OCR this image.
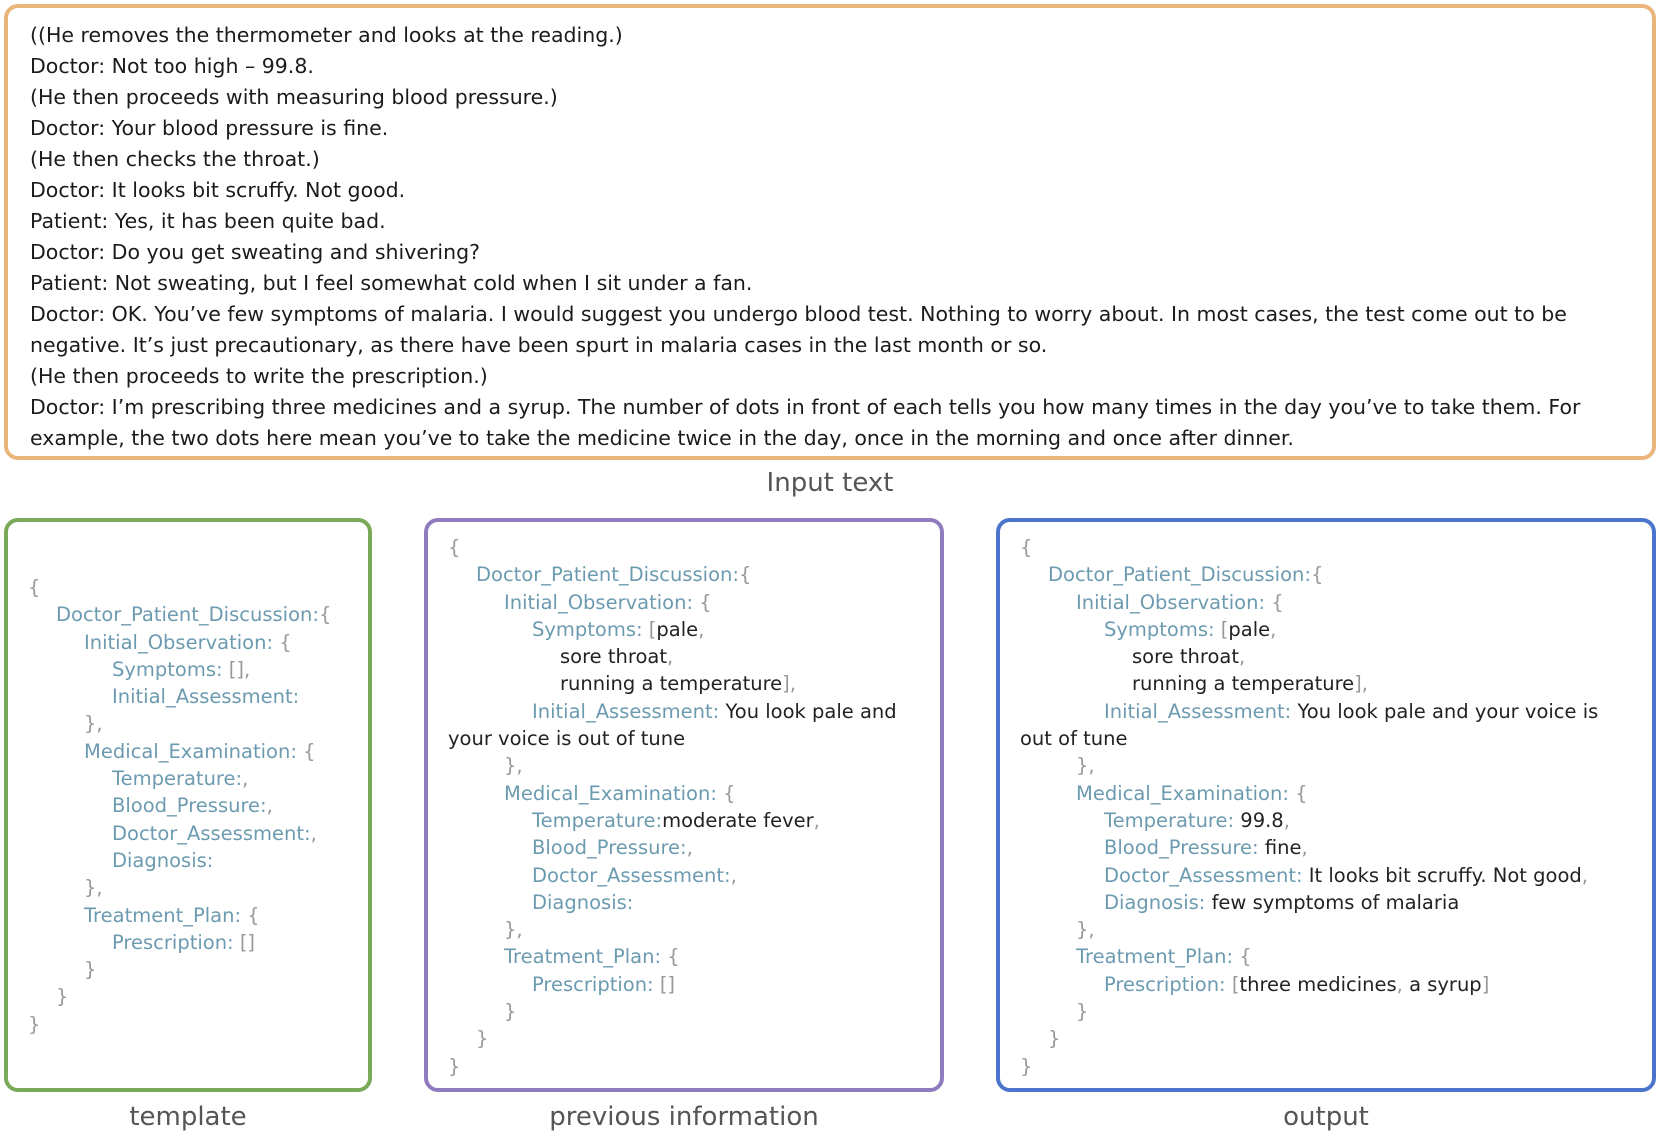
((He removes the thermometer and looks at the reading.)
Doctor: Not too high – 99.8.
(He then proceeds with measuring blood pressure.)
Doctor: Your blood pressure is fine.
(He then checks the throat.)
Doctor: It looks bit scruffy. Not good.
Patient: Yes, it has been quite bad.
Doctor: Do you get sweating and shivering?
Patient: Not sweating, but I feel somewhat cold when I sit under a fan.
Doctor: OK. You’ve few symptoms of malaria. I would suggest you undergo blood test. Nothing to worry about. In most cases, the test come out to be
negative. It’s just precautionary, as there have been spurt in malaria cases in the last month or so.
(He then proceeds to write the prescription.)
Doctor: I’m prescribing three medicines and a syrup. The number of dots in front of each tells you how many times in the day you’ve to take them. For
example, the two dots here mean you’ve to take the medicine twice in the day, once in the morning and once after dinner.
Input text
{
Doctor_Patient_Discussion:{
Initial_Observation: {
Symptoms: [],
Initial_Assessment:
},
Medical_Examination: {
Temperature:,
Blood_Pressure:,
Doctor_Assessment:,
Diagnosis:
},
Treatment_Plan: {
Prescription: []
}
}
}
template
{
Doctor_Patient_Discussion:{
Initial_Observation: {
Symptoms: [pale,
sore throat,
running a temperature],
Initial_Assessment: You look pale and
your voice is out of tune
},
Medical_Examination: {
Temperature:moderate fever,
Blood_Pressure:,
Doctor_Assessment:,
Diagnosis:
},
Treatment_Plan: {
Prescription: []
}
}
}
previous information
{
Doctor_Patient_Discussion:{
Initial_Observation: {
Symptoms: [pale,
sore throat,
running a temperature],
Initial_Assessment: You look pale and your voice is
out of tune
},
Medical_Examination: {
Temperature: 99.8,
Blood_Pressure: fine,
Doctor_Assessment: It looks bit scruffy. Not good,
Diagnosis: few symptoms of malaria
},
Treatment_Plan: {
Prescription: [three medicines, a syrup]
}
}
}
output
